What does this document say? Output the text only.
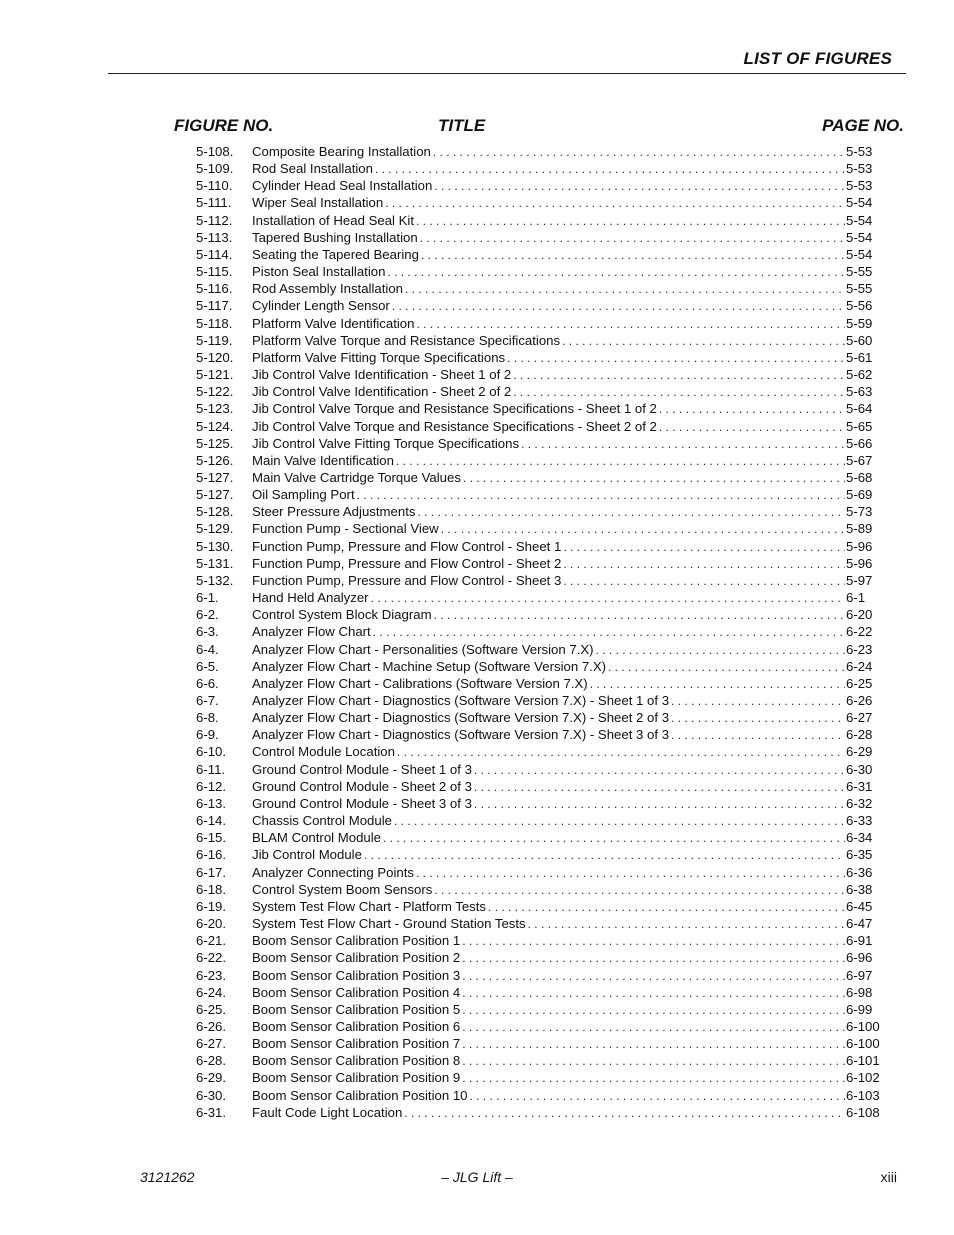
LIST OF FIGURES
FIGURE NO.	TITLE	PAGE NO.
5-108.	Composite Bearing Installation . . .	5-53
5-109.	Rod Seal Installation . . .	5-53
5-110.	Cylinder Head Seal Installation . . .	5-53
5-111.	Wiper Seal Installation . . .	5-54
5-112.	Installation of Head Seal Kit . . .	5-54
5-113.	Tapered Bushing Installation . . .	5-54
5-114.	Seating the Tapered Bearing . . .	5-54
5-115.	Piston Seal Installation . . .	5-55
5-116.	Rod Assembly Installation . . .	5-55
5-117.	Cylinder Length Sensor . . .	5-56
5-118.	Platform Valve Identification . . .	5-59
5-119.	Platform Valve Torque and Resistance Specifications . . .	5-60
5-120.	Platform Valve Fitting Torque Specifications . . .	5-61
5-121.	Jib Control Valve Identification - Sheet 1 of 2 . . .	5-62
5-122.	Jib Control Valve Identification - Sheet 2 of 2 . . .	5-63
5-123.	Jib Control Valve Torque and Resistance Specifications - Sheet 1 of 2 . . .	5-64
5-124.	Jib Control Valve Torque and Resistance Specifications - Sheet 2 of 2 . . .	5-65
5-125.	Jib Control Valve Fitting Torque Specifications . . .	5-66
5-126.	Main Valve Identification . . .	5-67
5-127.	Main Valve Cartridge Torque Values . . .	5-68
5-127.	Oil Sampling Port . . .	5-69
5-128.	Steer Pressure Adjustments . . .	5-73
5-129.	Function Pump - Sectional View . . .	5-89
5-130.	Function Pump, Pressure and Flow Control - Sheet 1 . . .	5-96
5-131.	Function Pump, Pressure and Flow Control - Sheet 2 . . .	5-96
5-132.	Function Pump, Pressure and Flow Control - Sheet 3 . . .	5-97
6-1.	Hand Held Analyzer . . .	6-1
6-2.	Control System Block Diagram . . .	6-20
6-3.	Analyzer Flow Chart . . .	6-22
6-4.	Analyzer Flow Chart - Personalities (Software Version 7.X) . . .	6-23
6-5.	Analyzer Flow Chart - Machine Setup (Software Version 7.X) . . .	6-24
6-6.	Analyzer Flow Chart - Calibrations (Software Version 7.X) . . .	6-25
6-7.	Analyzer Flow Chart - Diagnostics (Software Version 7.X) - Sheet 1 of 3 . . .	6-26
6-8.	Analyzer Flow Chart - Diagnostics (Software Version 7.X) - Sheet 2 of 3 . . .	6-27
6-9.	Analyzer Flow Chart - Diagnostics (Software Version 7.X) - Sheet 3 of 3 . . .	6-28
6-10.	Control Module Location . . .	6-29
6-11.	Ground Control Module - Sheet 1 of 3 . . .	6-30
6-12.	Ground Control Module - Sheet 2 of 3 . . .	6-31
6-13.	Ground Control Module - Sheet 3 of 3 . . .	6-32
6-14.	Chassis Control Module . . .	6-33
6-15.	BLAM Control Module . . .	6-34
6-16.	Jib Control Module . . .	6-35
6-17.	Analyzer Connecting Points . . .	6-36
6-18.	Control System Boom Sensors . . .	6-38
6-19.	System Test Flow Chart - Platform Tests . . .	6-45
6-20.	System Test Flow Chart - Ground Station Tests . . .	6-47
6-21.	Boom Sensor Calibration Position 1 . . .	6-91
6-22.	Boom Sensor Calibration Position 2 . . .	6-96
6-23.	Boom Sensor Calibration Position 3 . . .	6-97
6-24.	Boom Sensor Calibration Position 4 . . .	6-98
6-25.	Boom Sensor Calibration Position 5 . . .	6-99
6-26.	Boom Sensor Calibration Position 6 . . .	6-100
6-27.	Boom Sensor Calibration Position 7 . . .	6-100
6-28.	Boom Sensor Calibration Position 8 . . .	6-101
6-29.	Boom Sensor Calibration Position 9 . . .	6-102
6-30.	Boom Sensor Calibration Position 10 . . .	6-103
6-31.	Fault Code Light Location . . .	6-108
3121262	– JLG Lift –	xiii
